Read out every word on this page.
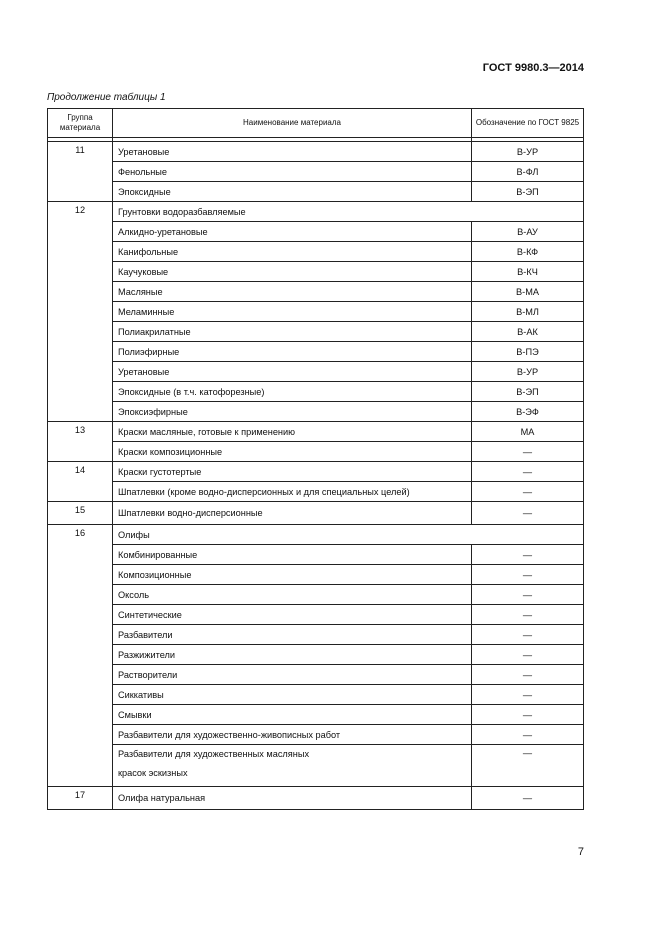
ГОСТ 9980.3—2014
Продолжение таблицы 1
Группа материала	Наименование материала	Обозначение по ГОСТ 9825

11	Уретановые	В-УР
	Фенольные	В-ФЛ
	Эпоксидные	В-ЭП
12	Грунтовки водоразбавляемые	
	Алкидно-уретановые	В-АУ
	Канифольные	В-КФ
	Каучуковые	В-КЧ
	Масляные	В-МА
	Меламинные	В-МЛ
	Полиакрилатные	В-АК
	Полиэфирные	В-ПЭ
	Уретановые	В-УР
	Эпоксидные (в т.ч. катофорезные)	В-ЭП
	Эпоксиэфирные	В-ЭФ
13	Краски масляные, готовые к применению	МА
	Краски композиционные	—
14	Краски густотертые	—
	Шпатлевки (кроме водно-дисперсионных и для специальных целей)	—
15	Шпатлевки водно-дисперсионные	—
16	Олифы	
	Комбинированные	—
	Композиционные	—
	Оксоль	—
	Синтетические	—
	Разбавители	—
	Разжижители	—
	Растворители	—
	Сиккативы	—
	Смывки	—
	Разбавители для художественно-живописных работ	—
	Разбавители для художественных масляных красок эскизных	—
17	Олифа натуральная	—
7
